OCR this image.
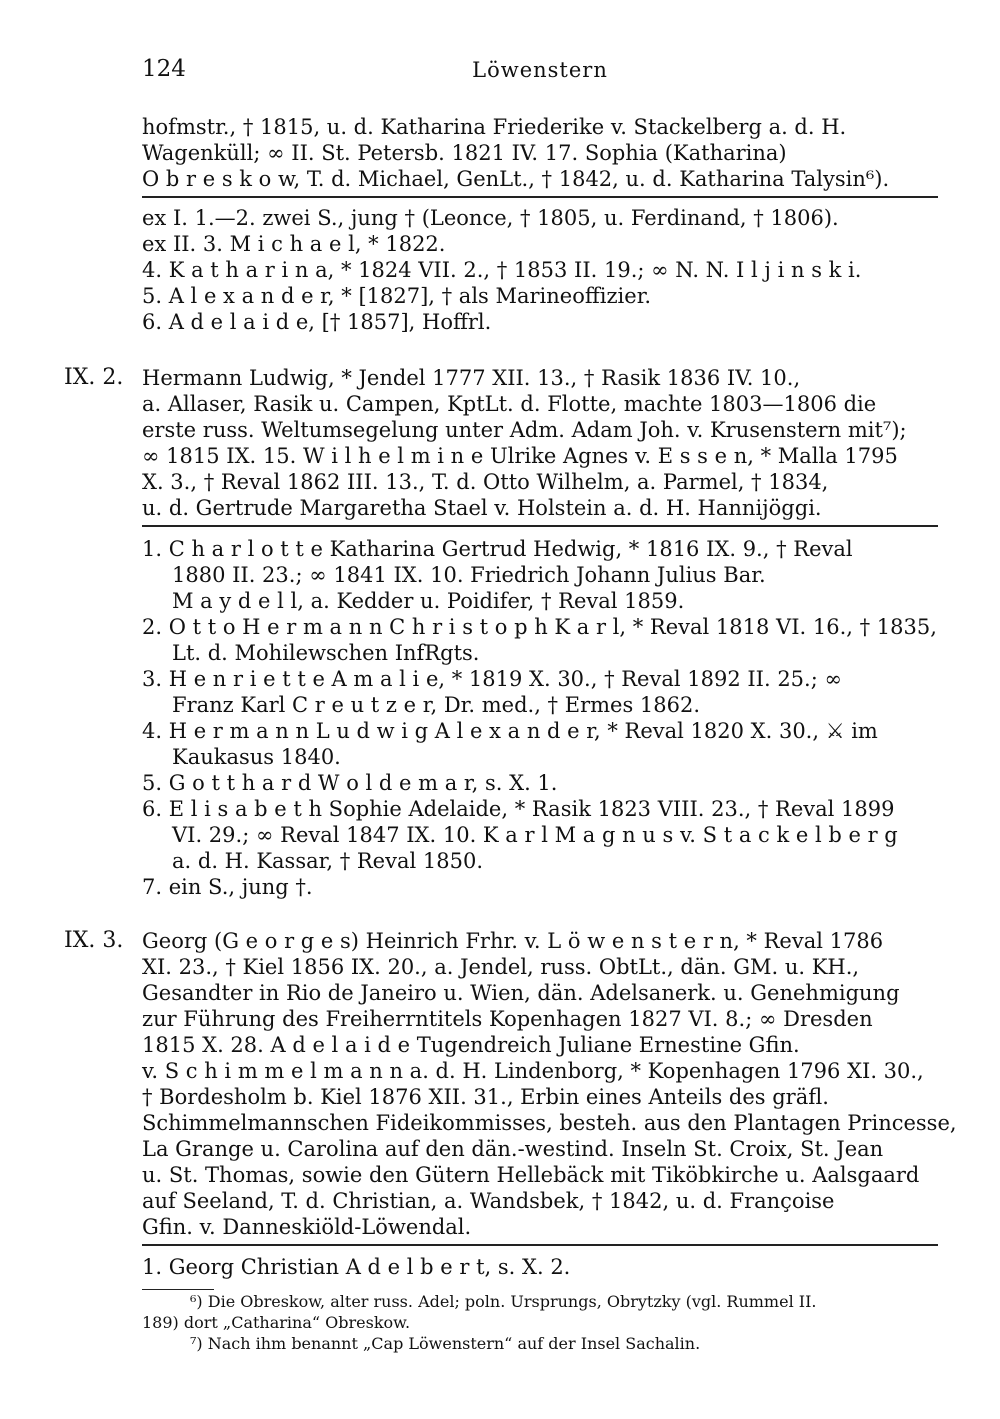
124	Löwenstern
hofmstr., † 1815, u. d. Katharina Friederike v. Stackelberg a. d. H.
Wagenküll; ∞ II. St. Petersb. 1821 IV. 17. Sophia (Katharina)
O b r e s k o w, T. d. Michael, GenLt., † 1842, u. d. Katharina Talysin⁶).
ex I. 1.—2. zwei S., jung † (Leonce, † 1805, u. Ferdinand, † 1806).
ex II. 3. M i c h a e l, * 1822.
4. K a t h a r i n a, * 1824 VII. 2., † 1853 II. 19.; ∞ N. N. I l j i n s k i.
5. A l e x a n d e r, * [1827], † als Marineoffizier.
6. A d e l a i d e, [† 1857], Hoffrl.
IX. 2. Hermann Ludwig, * Jendel 1777 XII. 13., † Rasik 1836 IV. 10.,
a. Allaser, Rasik u. Campen, KptLt. d. Flotte, machte 1803—1806 die
erste russ. Weltumsegelung unter Adm. Adam Joh. v. Krusenstern mit⁷);
∞ 1815 IX. 15. W i l h e l m i n e Ulrike Agnes v. E s s e n, * Malla 1795
X. 3., † Reval 1862 III. 13., T. d. Otto Wilhelm, a. Parmel, † 1834,
u. d. Gertrude Margaretha Stael v. Holstein a. d. H. Hannijöggi.
1. C h a r l o t t e Katharina Gertrud Hedwig, * 1816 IX. 9., † Reval
1880 II. 23.; ∞ 1841 IX. 10. Friedrich Johann Julius Bar.
M a y d e l l, a. Kedder u. Poidifer, † Reval 1859.
2. O t t o H e r m a n n C h r i s t o p h K a r l, * Reval 1818 VI. 16., † 1835,
Lt. d. Mohilewschen InfRgts.
3. H e n r i e t t e A m a l i e, * 1819 X. 30., † Reval 1892 II. 25.; ∞
Franz Karl C r e u t z e r, Dr. med., † Ermes 1862.
4. H e r m a n n L u d w i g A l e x a n d e r, * Reval 1820 X. 30., ⚔ im
Kaukasus 1840.
5. G o t t h a r d W o l d e m a r, s. X. 1.
6. E l i s a b e t h Sophie Adelaide, * Rasik 1823 VIII. 23., † Reval 1899
VI. 29.; ∞ Reval 1847 IX. 10. K a r l M a g n u s v. S t a c k e l b e r g
a. d. H. Kassar, † Reval 1850.
7. ein S., jung †.
IX. 3. Georg (G e o r g e s) Heinrich Frhr. v. L ö w e n s t e r n, * Reval 1786
XI. 23., † Kiel 1856 IX. 20., a. Jendel, russ. ObtLt., dän. GM. u. KH.,
Gesandter in Rio de Janeiro u. Wien, dän. Adelsanerk. u. Genehmigung
zur Führung des Freiherrntitels Kopenhagen 1827 VI. 8.; ∞ Dresden
1815 X. 28. A d e l a i d e Tugendreich Juliane Ernestine Gfin.
v. S c h i m m e l m a n n a. d. H. Lindenborg, * Kopenhagen 1796 XI. 30.,
† Bordesholm b. Kiel 1876 XII. 31., Erbin eines Anteils des gräfl.
Schimmelmannschen Fideikommisses, besteh. aus den Plantagen Princesse,
La Grange u. Carolina auf den dän.-westind. Inseln St. Croix, St. Jean
u. St. Thomas, sowie den Gütern Hellebäck mit Tiköbkirche u. Aalsgaard
auf Seeland, T. d. Christian, a. Wandsbek, † 1842, u. d. Françoise
Gfin. v. Danneskiöld-Löwendal.
1. Georg Christian A d e l b e r t, s. X. 2.
⁶) Die Obreskow, alter russ. Adel; poln. Ursprungs, Obrytzky (vgl. Rummel II.
189) dort „Catharina“ Obreskow.
⁷) Nach ihm benannt „Cap Löwenstern“ auf der Insel Sachalin.
